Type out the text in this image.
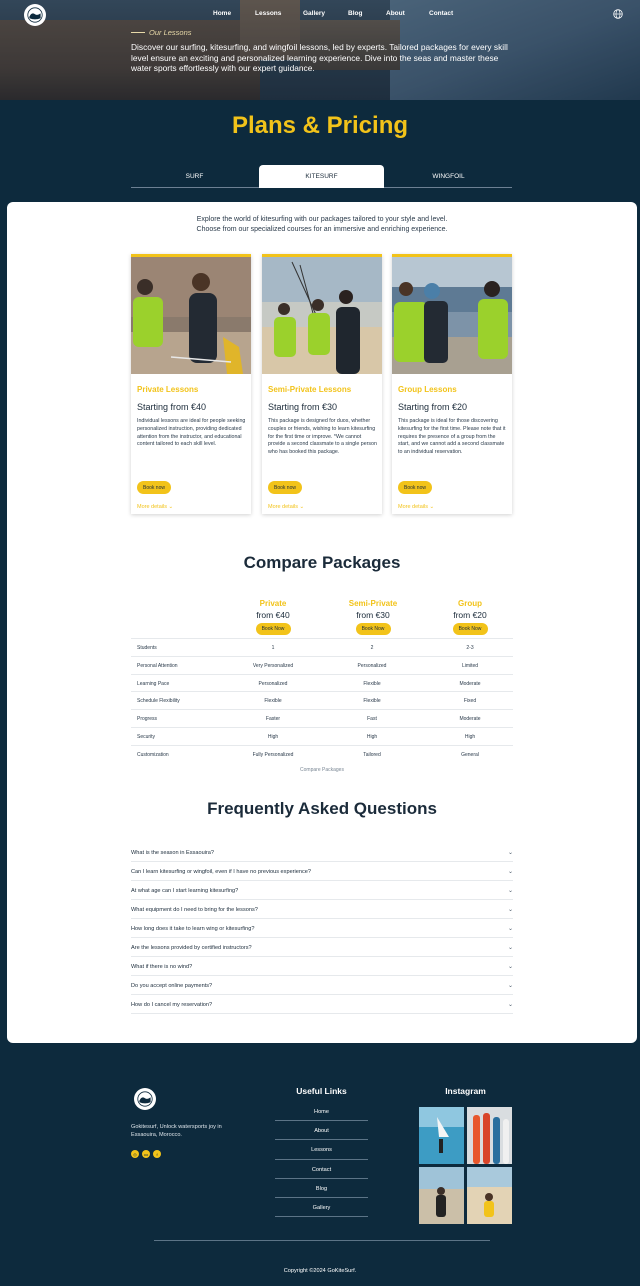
Home	Lessons	Gallery	Blog	About	Contact
Our Lessons
Discover our surfing, kitesurfing, and wingfoil lessons, led by experts. Tailored packages for every skill level ensure an exciting and personalized learning experience. Dive into the seas and master these water sports effortlessly with our expert guidance.
Plans & Pricing
SURF	KITESURF	WINGFOIL
Explore the world of kitesurfing with our packages tailored to your style and level.
Choose from our specialized courses for an immersive and enriching experience.
Private Lessons
Starting from €40
Individual lessons are ideal for people seeking personalized instruction, providing dedicated attention from the instructor, and educational content tailored to each skill level.
Book now
More details ⌄
Semi-Private Lessons
Starting from €30
This package is designed for duos, whether couples or friends, wishing to learn kitesurfing for the first time or improve. *We cannot provide a second classmate to a single person who has booked this package.
Book now
More details ⌄
Group Lessons
Starting from €20
This package is ideal for those discovering kitesurfing for the first time. Please note that it requires the presence of a group from the start, and we cannot add a second classmate to an individual reservation.
Book now
More details ⌄
Compare Packages
Private
from €40
Book Now
Semi-Private
from €30
Book Now
Group
from €20
Book Now
Students	1	2	2-3
Personal Attention	Very Personalized	Personalized	Limited
Learning Pace	Personalized	Flexible	Moderate
Schedule Flexibility	Flexible	Flexible	Fixed
Progress	Faster	Fast	Moderate
Security	High	High	High
Customization	Fully Personalized	Tailored	General
Compare Packages
Frequently Asked Questions
What is the season in Essaouira?	⌄
Can I learn kitesurfing or wingfoil, even if I have no previous experience?	⌄
At what age can I start learning kitesurfing?	⌄
What equipment do I need to bring for the lessons?	⌄
How long does it take to learn wing or kitesurfing?	⌄
Are the lessons provided by certified instructors?	⌄
What if there is no wind?	⌄
Do you accept online payments?	⌄
How do I cancel my reservation?	⌄
Gokitesurf, Unlock watersports joy in Essaouira, Morocco.
◎	oo	f
Useful Links
Home
About
Lessons
Contact
Blog
Gallery
Instagram
Copyright ©2024 GoKiteSurf.
